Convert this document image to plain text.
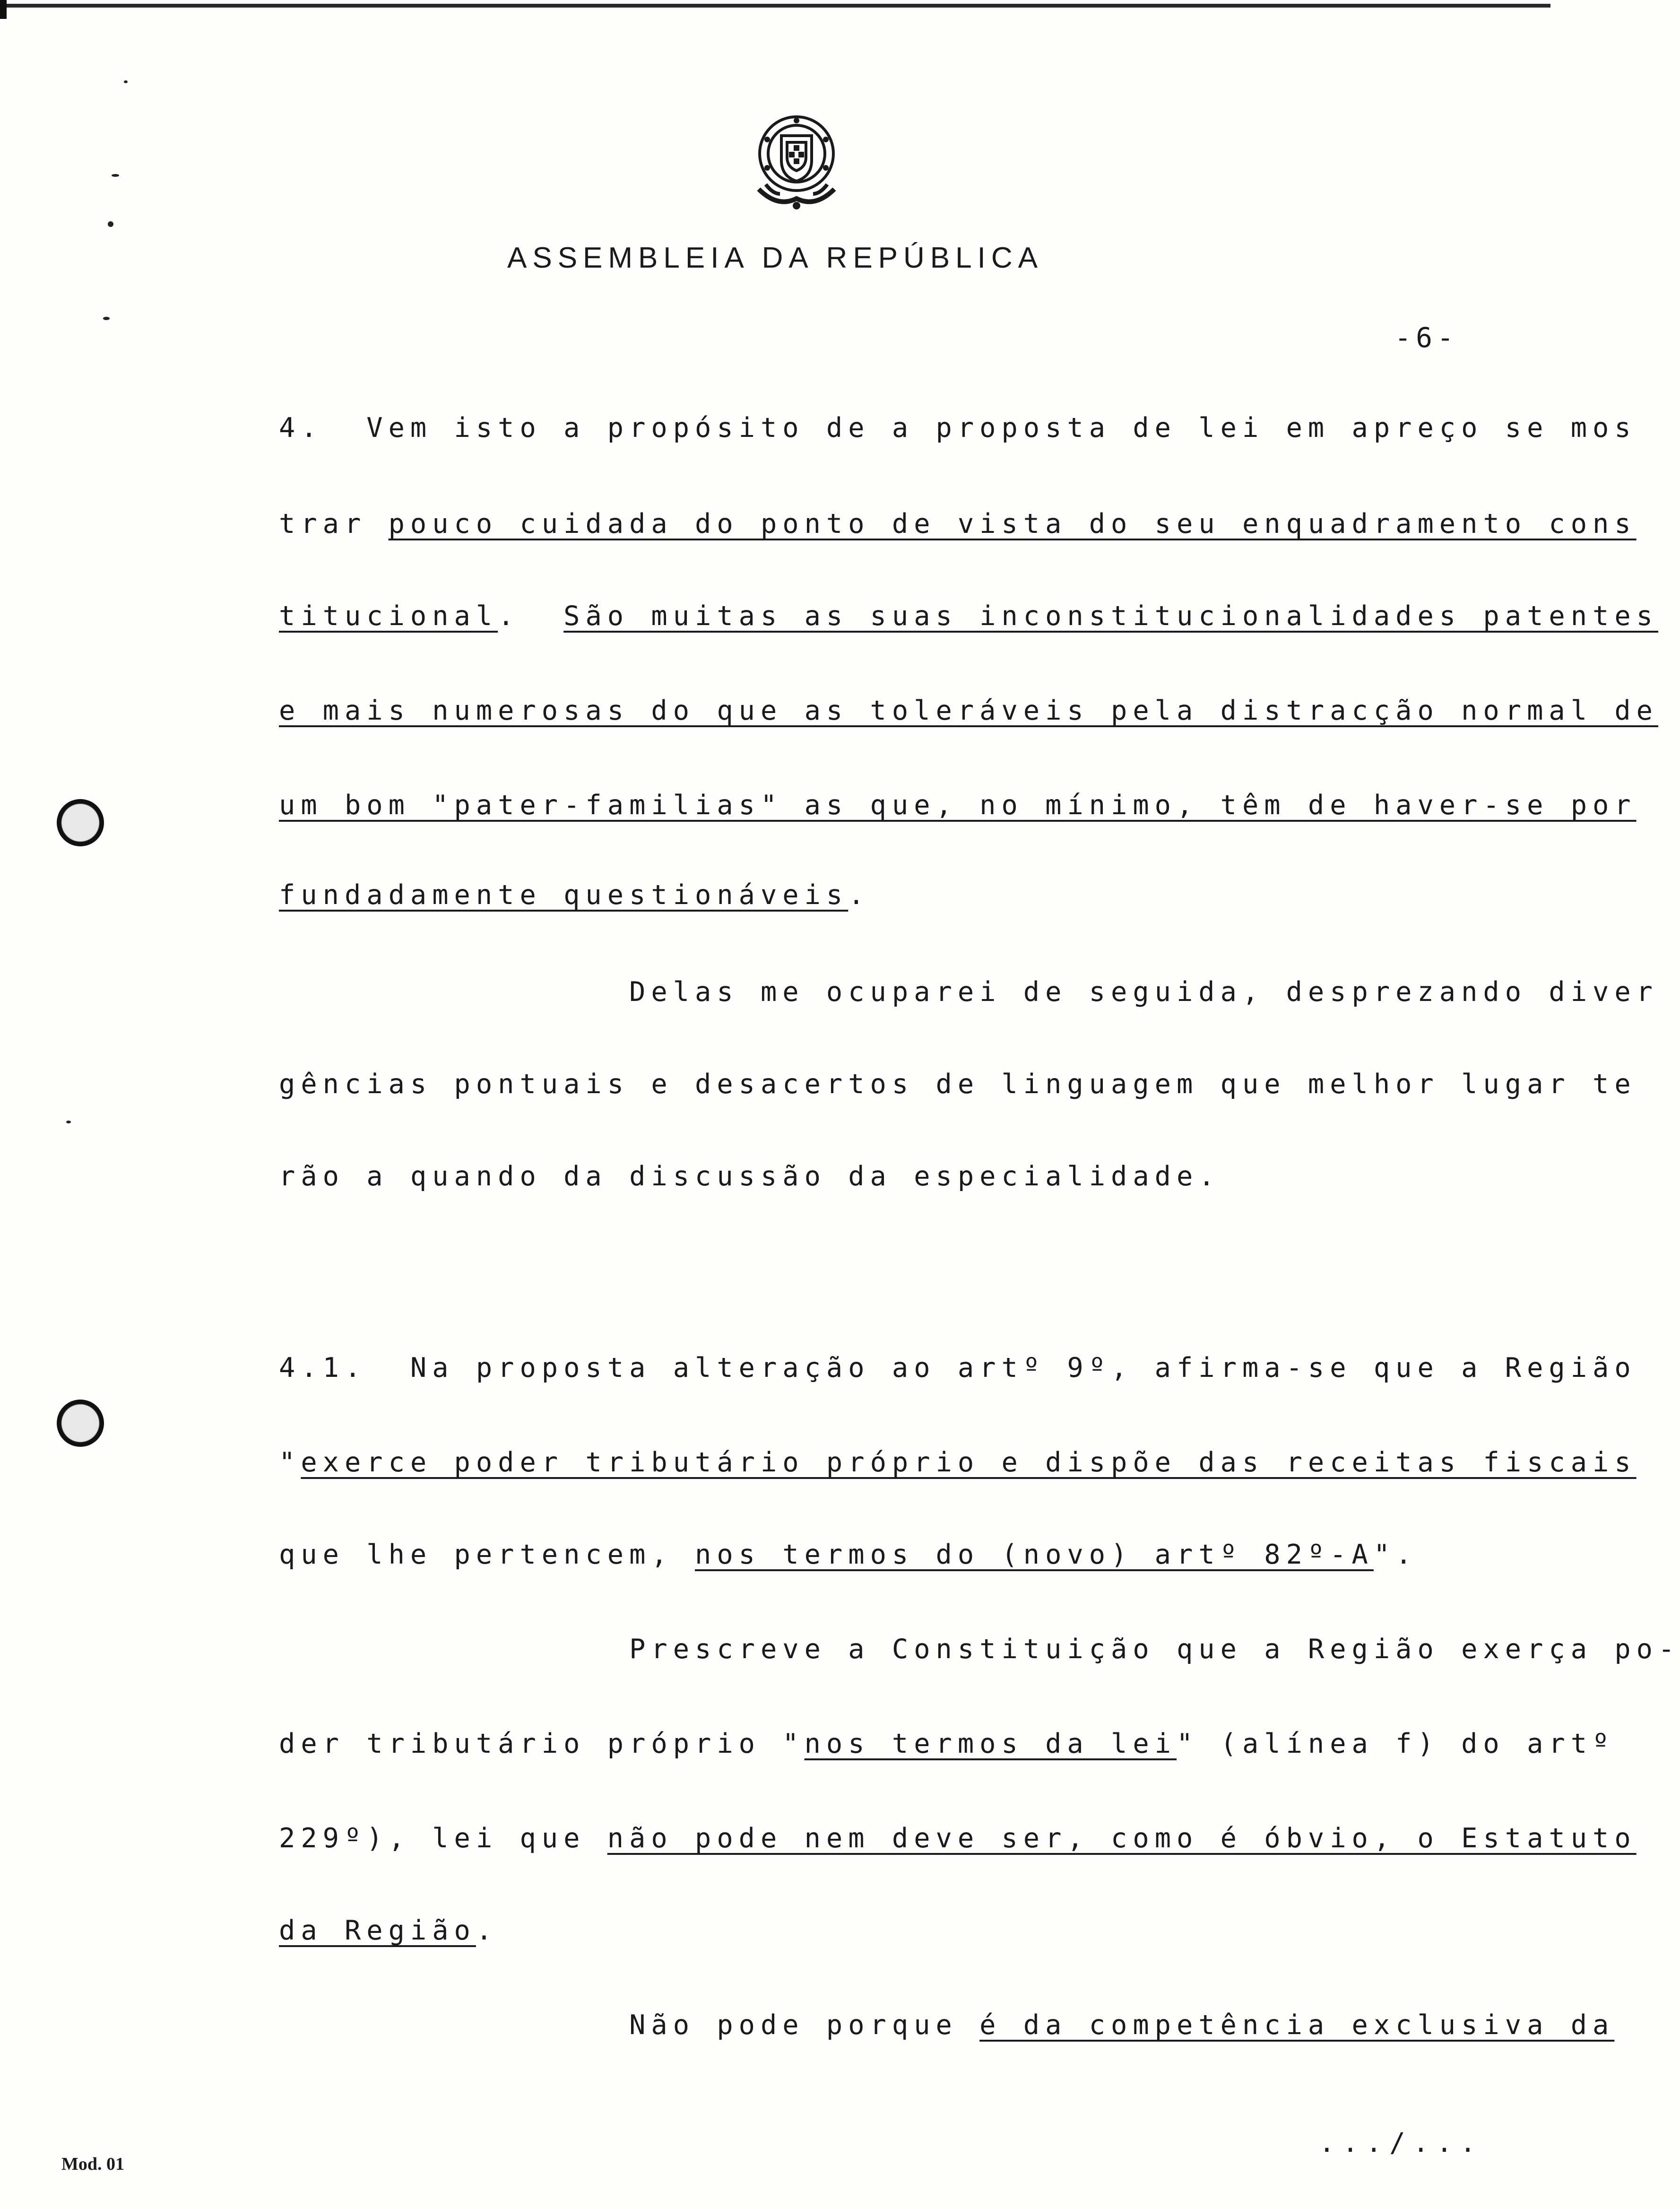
ASSEMBLEIA DA REPÚBLICA
-6-
4.  Vem isto a propósito de a proposta de lei em apreço se mos
trar pouco cuidada do ponto de vista do seu enquadramento cons
titucional.  São muitas as suas inconstitucionalidades patentes
e mais numerosas do que as toleráveis pela distracção normal de
um bom "pater-familias" as que, no mínimo, têm de haver-se por
fundadamente questionáveis.
Delas me ocuparei de seguida, desprezando diver
gências pontuais e desacertos de linguagem que melhor lugar te
rão a quando da discussão da especialidade.
4.1.  Na proposta alteração ao artº 9º, afirma-se que a Região
"exerce poder tributário próprio e dispõe das receitas fiscais
que lhe pertencem, nos termos do (novo) artº 82º-A".
Prescreve a Constituição que a Região exerça po-
der tributário próprio "nos termos da lei" (alínea f) do artº
229º), lei que não pode nem deve ser, como é óbvio, o Estatuto
da Região.
Não pode porque é da competência exclusiva da
.../...
Mod. 01
